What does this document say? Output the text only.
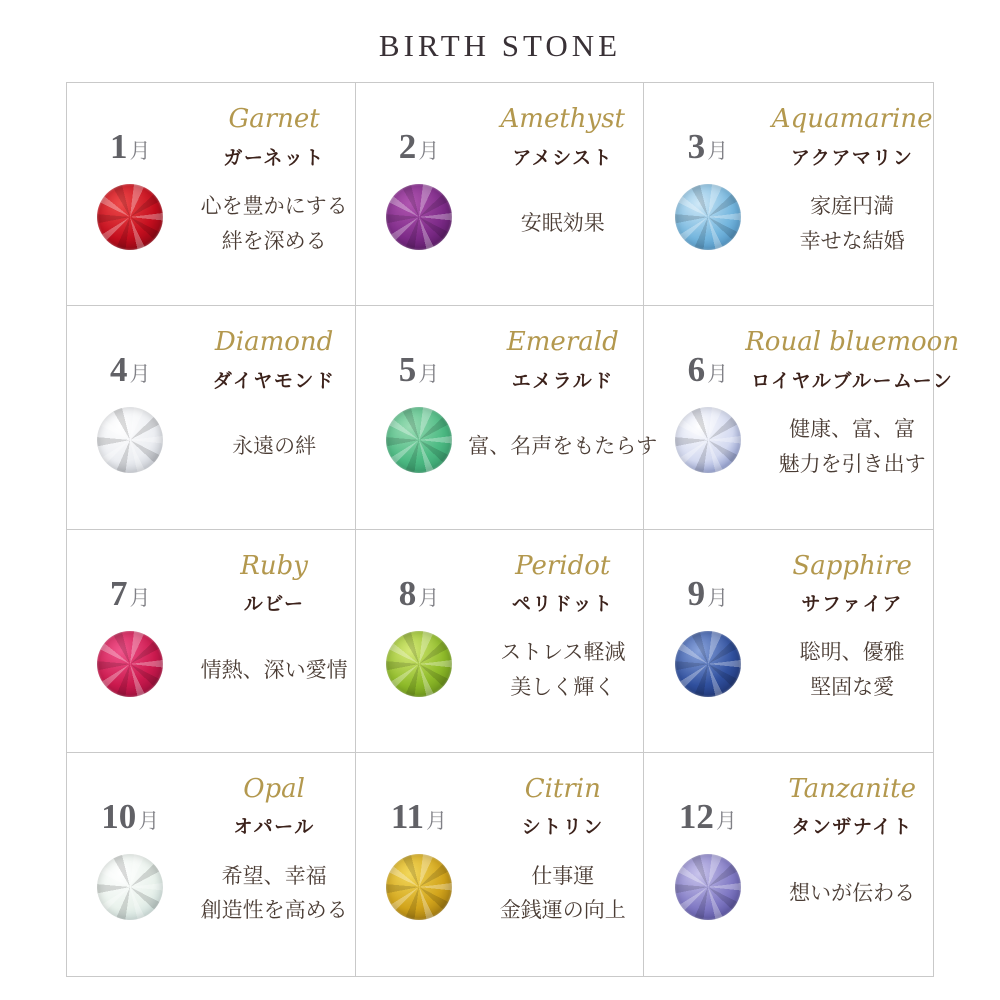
BIRTH STONE
1月
Garnet
ガーネット
心を豊かにする
絆を深める
2月
Amethyst
アメシスト
安眠効果
3月
Aquamarine
アクアマリン
家庭円満
幸せな結婚
4月
Diamond
ダイヤモンド
永遠の絆
5月
Emerald
エメラルド
富、名声をもたらす
6月
Roual bluemoon
ロイヤルブルームーン
健康、富、富
魅力を引き出す
7月
Ruby
ルビー
情熱、深い愛情
8月
Peridot
ペリドット
ストレス軽減
美しく輝く
9月
Sapphire
サファイア
聡明、優雅
堅固な愛
10月
Opal
オパール
希望、幸福
創造性を高める
11月
Citrin
シトリン
仕事運
金銭運の向上
12月
Tanzanite
タンザナイト
想いが伝わる
